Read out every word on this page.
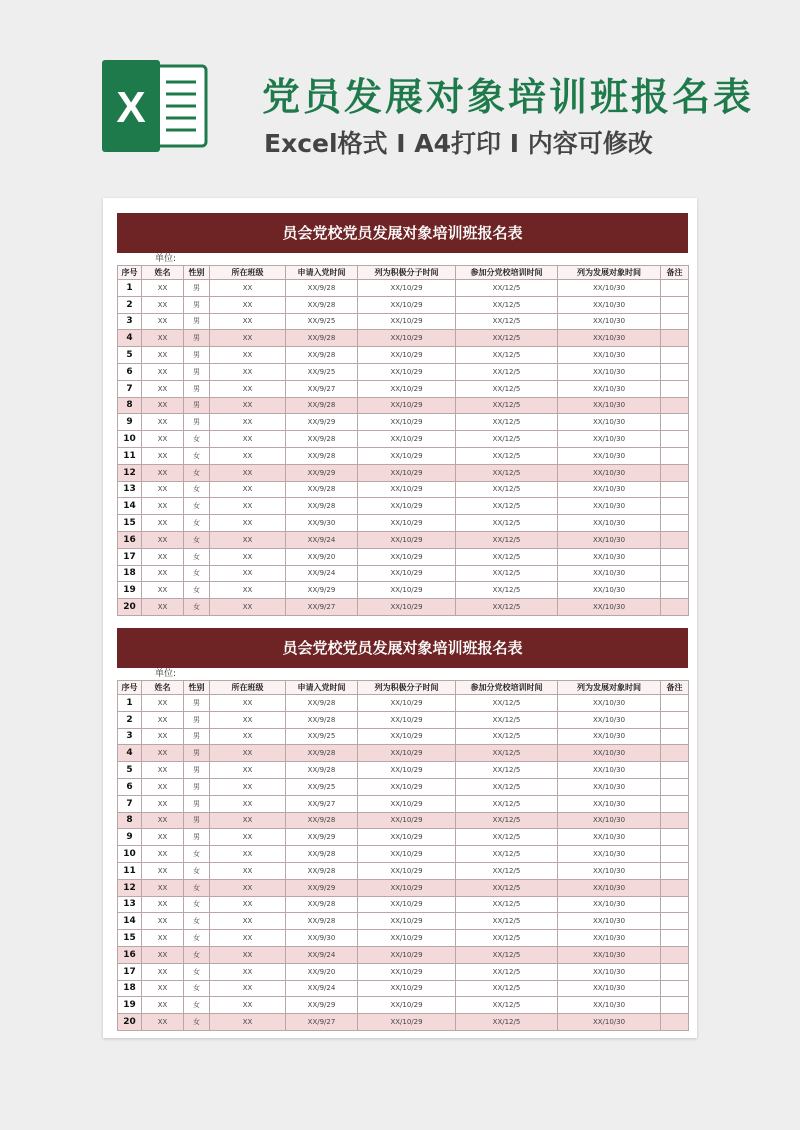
X	党员发展对象培训班报名表
Excel格式 I A4打印 I 内容可修改
员会党校党员发展对象培训班报名表
单位:
序号	姓名	性别	所在班级	申请入党时间	列为积极分子时间	参加分党校培训时间	列为发展对象时间	备注
1	XX	男	XX	XX/9/28	XX/10/29	XX/12/5	XX/10/30	
2	XX	男	XX	XX/9/28	XX/10/29	XX/12/5	XX/10/30	
3	XX	男	XX	XX/9/25	XX/10/29	XX/12/5	XX/10/30	
4	XX	男	XX	XX/9/28	XX/10/29	XX/12/5	XX/10/30	
5	XX	男	XX	XX/9/28	XX/10/29	XX/12/5	XX/10/30	
6	XX	男	XX	XX/9/25	XX/10/29	XX/12/5	XX/10/30	
7	XX	男	XX	XX/9/27	XX/10/29	XX/12/5	XX/10/30	
8	XX	男	XX	XX/9/28	XX/10/29	XX/12/5	XX/10/30	
9	XX	男	XX	XX/9/29	XX/10/29	XX/12/5	XX/10/30	
10	XX	女	XX	XX/9/28	XX/10/29	XX/12/5	XX/10/30	
11	XX	女	XX	XX/9/28	XX/10/29	XX/12/5	XX/10/30	
12	XX	女	XX	XX/9/29	XX/10/29	XX/12/5	XX/10/30	
13	XX	女	XX	XX/9/28	XX/10/29	XX/12/5	XX/10/30	
14	XX	女	XX	XX/9/28	XX/10/29	XX/12/5	XX/10/30	
15	XX	女	XX	XX/9/30	XX/10/29	XX/12/5	XX/10/30	
16	XX	女	XX	XX/9/24	XX/10/29	XX/12/5	XX/10/30	
17	XX	女	XX	XX/9/20	XX/10/29	XX/12/5	XX/10/30	
18	XX	女	XX	XX/9/24	XX/10/29	XX/12/5	XX/10/30	
19	XX	女	XX	XX/9/29	XX/10/29	XX/12/5	XX/10/30	
20	XX	女	XX	XX/9/27	XX/10/29	XX/12/5	XX/10/30	
员会党校党员发展对象培训班报名表
单位:
序号	姓名	性别	所在班级	申请入党时间	列为积极分子时间	参加分党校培训时间	列为发展对象时间	备注
1	XX	男	XX	XX/9/28	XX/10/29	XX/12/5	XX/10/30	
2	XX	男	XX	XX/9/28	XX/10/29	XX/12/5	XX/10/30	
3	XX	男	XX	XX/9/25	XX/10/29	XX/12/5	XX/10/30	
4	XX	男	XX	XX/9/28	XX/10/29	XX/12/5	XX/10/30	
5	XX	男	XX	XX/9/28	XX/10/29	XX/12/5	XX/10/30	
6	XX	男	XX	XX/9/25	XX/10/29	XX/12/5	XX/10/30	
7	XX	男	XX	XX/9/27	XX/10/29	XX/12/5	XX/10/30	
8	XX	男	XX	XX/9/28	XX/10/29	XX/12/5	XX/10/30	
9	XX	男	XX	XX/9/29	XX/10/29	XX/12/5	XX/10/30	
10	XX	女	XX	XX/9/28	XX/10/29	XX/12/5	XX/10/30	
11	XX	女	XX	XX/9/28	XX/10/29	XX/12/5	XX/10/30	
12	XX	女	XX	XX/9/29	XX/10/29	XX/12/5	XX/10/30	
13	XX	女	XX	XX/9/28	XX/10/29	XX/12/5	XX/10/30	
14	XX	女	XX	XX/9/28	XX/10/29	XX/12/5	XX/10/30	
15	XX	女	XX	XX/9/30	XX/10/29	XX/12/5	XX/10/30	
16	XX	女	XX	XX/9/24	XX/10/29	XX/12/5	XX/10/30	
17	XX	女	XX	XX/9/20	XX/10/29	XX/12/5	XX/10/30	
18	XX	女	XX	XX/9/24	XX/10/29	XX/12/5	XX/10/30	
19	XX	女	XX	XX/9/29	XX/10/29	XX/12/5	XX/10/30	
20	XX	女	XX	XX/9/27	XX/10/29	XX/12/5	XX/10/30	
